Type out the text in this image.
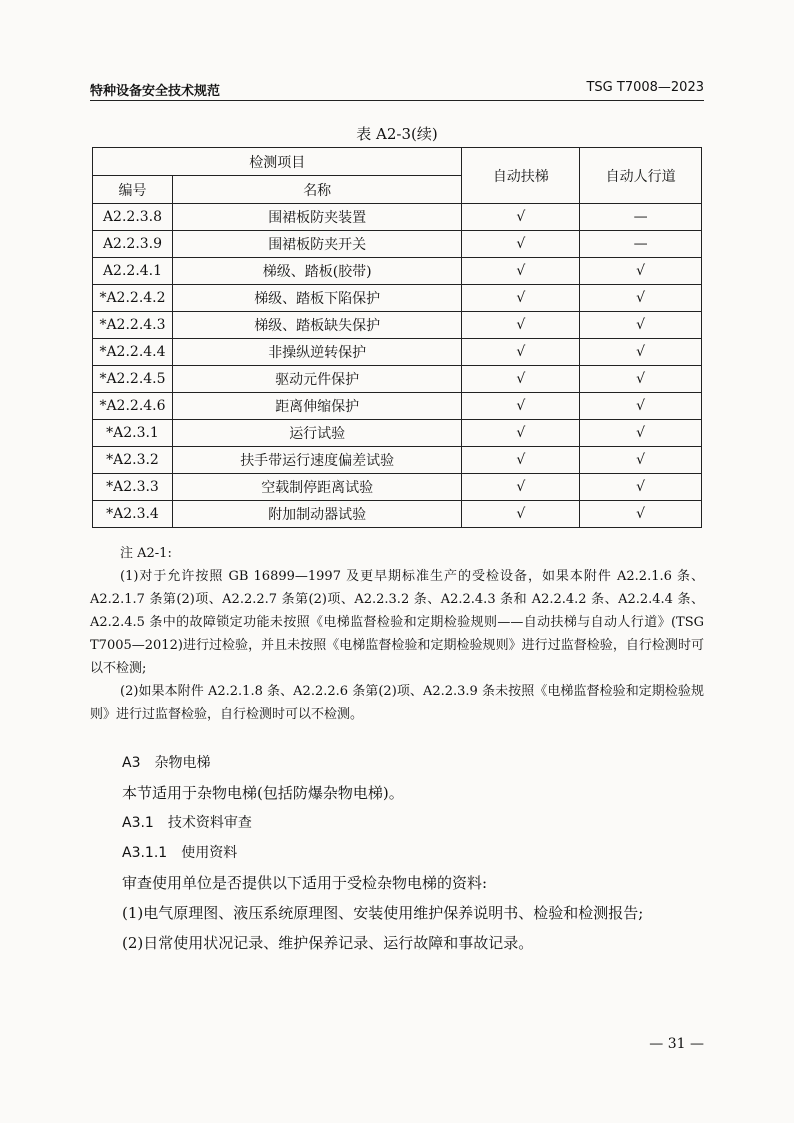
特种设备安全技术规范	TSG T7008—2023
表 A2-3(续)
检测项目		自动扶梯	自动人行道
编号	名称		
A2.2.3.8	围裙板防夹装置	√	—
A2.2.3.9	围裙板防夹开关	√	—
A2.2.4.1	梯级、踏板(胶带)	√	√
*A2.2.4.2	梯级、踏板下陷保护	√	√
*A2.2.4.3	梯级、踏板缺失保护	√	√
*A2.2.4.4	非操纵逆转保护	√	√
*A2.2.4.5	驱动元件保护	√	√
*A2.2.4.6	距离伸缩保护	√	√
*A2.3.1	运行试验	√	√
*A2.3.2	扶手带运行速度偏差试验	√	√
*A2.3.3	空载制停距离试验	√	√
*A2.3.4	附加制动器试验	√	√

注 A2-1:

(1)对于允许按照 GB 16899—1997 及更早期标准生产的受检设备，如果本附件 A2.2.1.6 条、A2.2.1.7 条第(2)项、A2.2.2.7 条第(2)项、A2.2.3.2 条、A2.2.4.3 条和 A2.2.4.2 条、A2.2.4.4 条、A2.2.4.5 条中的故障锁定功能未按照《电梯监督检验和定期检验规则——自动扶梯与自动人行道》(TSG T7005—2012)进行过检验，并且未按照《电梯监督检验和定期检验规则》进行过监督检验，自行检测时可以不检测;

(2)如果本附件 A2.2.1.8 条、A2.2.2.6 条第(2)项、A2.2.3.9 条未按照《电梯监督检验和定期检验规则》进行过监督检验，自行检测时可以不检测。

A3 杂物电梯

本节适用于杂物电梯(包括防爆杂物电梯)。

A3.1 技术资料审查

A3.1.1 使用资料

审查使用单位是否提供以下适用于受检杂物电梯的资料:

(1)电气原理图、液压系统原理图、安装使用维护保养说明书、检验和检测报告;

(2)日常使用状况记录、维护保养记录、运行故障和事故记录。

— 31 —
